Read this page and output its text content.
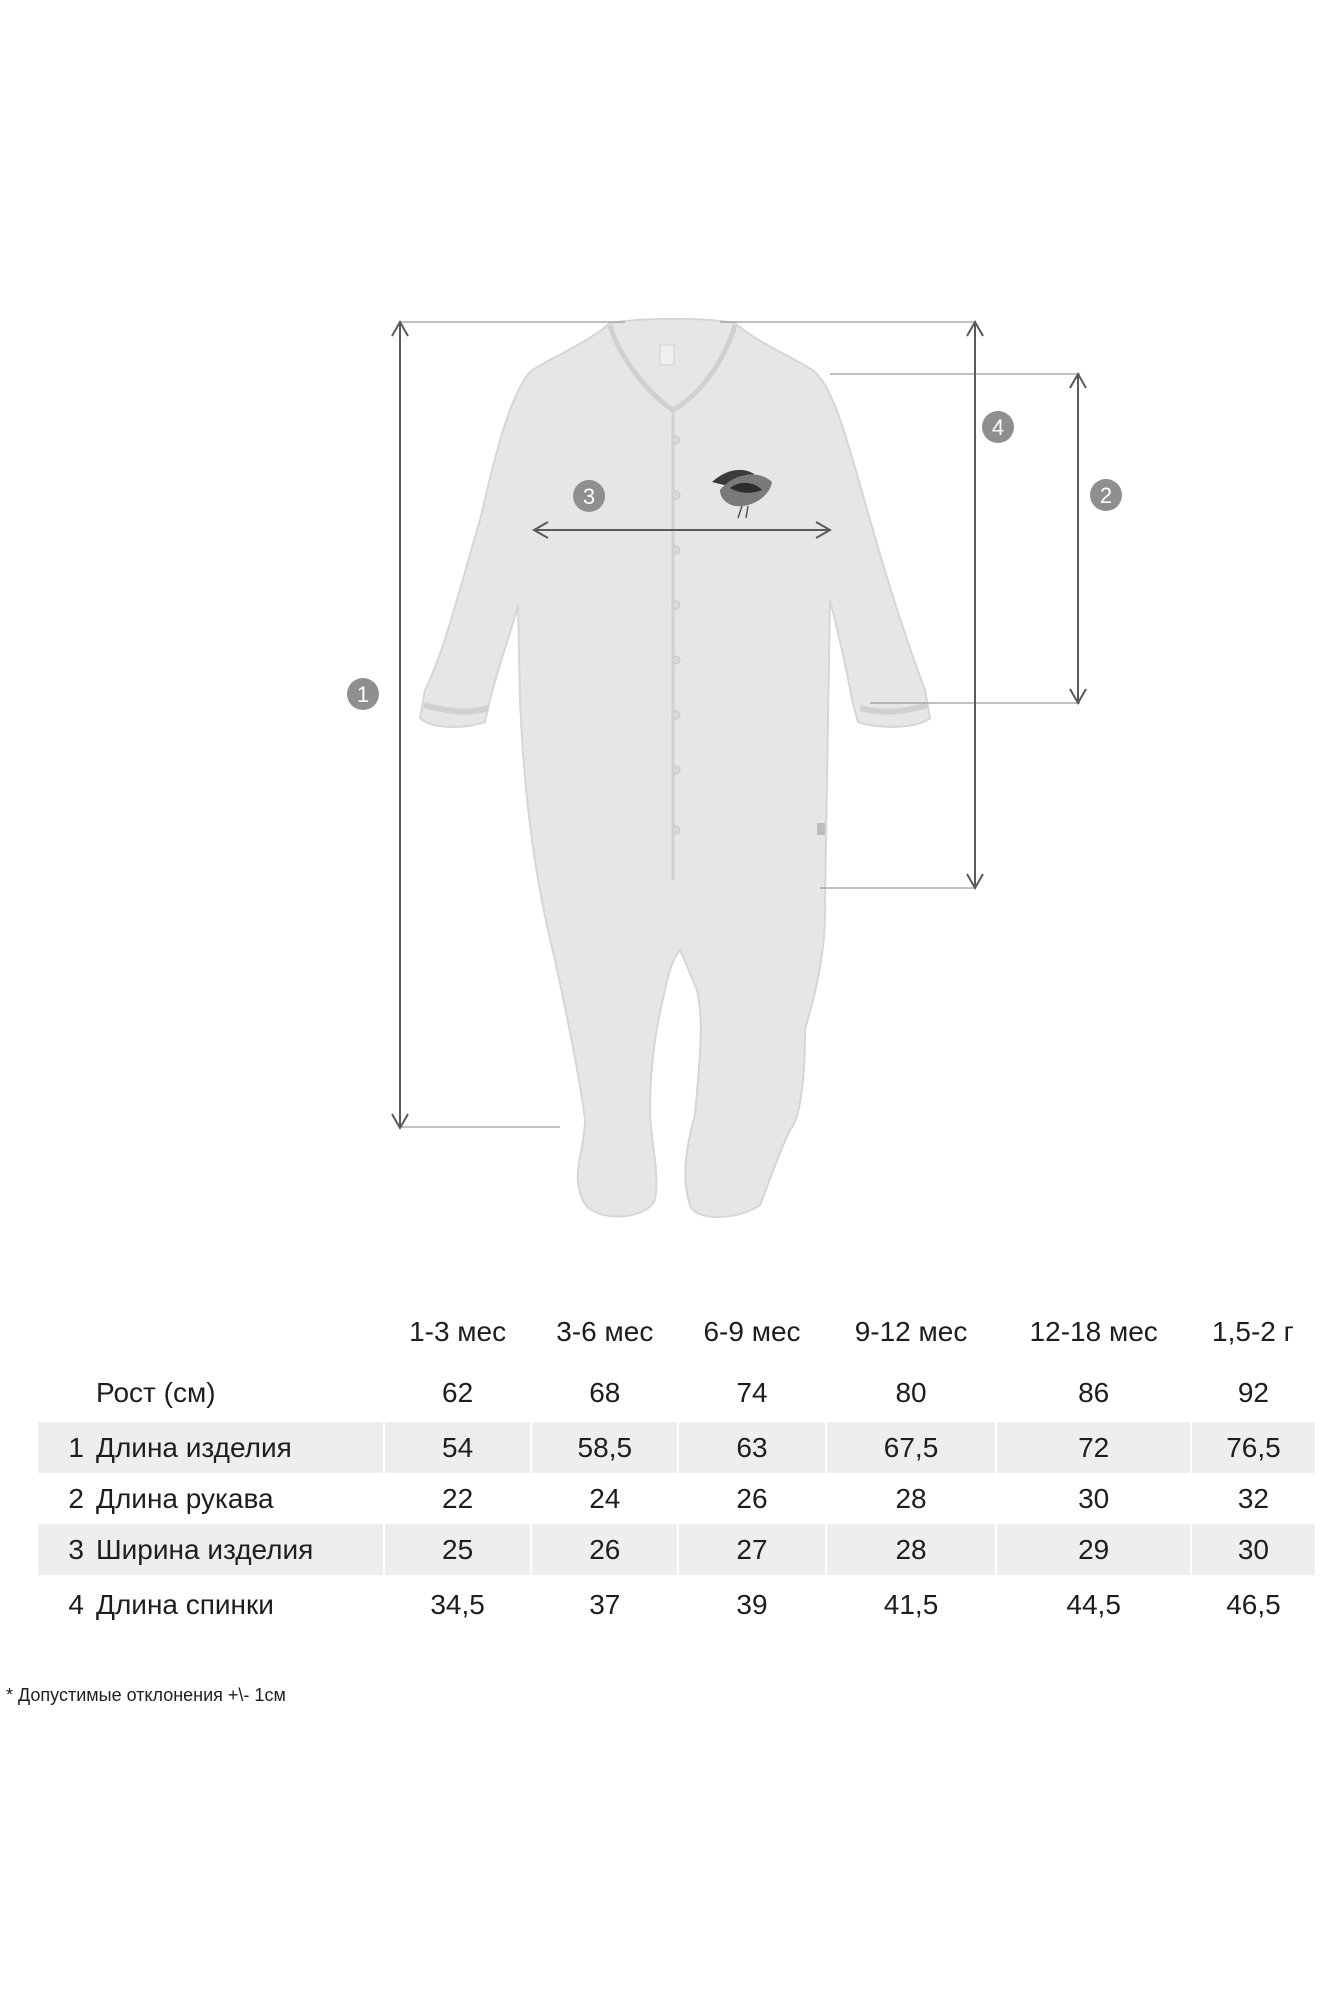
1
2
3
4
		1-3 мес	3-6 мес	6-9 мес	9-12 мес	12-18 мес	1,5-2 г
	Рост (см)	62	68	74	80	86	92
1	Длина изделия	54	58,5	63	67,5	72	76,5
2	Длина рукава	22	24	26	28	30	32
3	Ширина изделия	25	26	27	28	29	30
4	Длина спинки	34,5	37	39	41,5	44,5	46,5
* Допустимые отклонения +\- 1см
